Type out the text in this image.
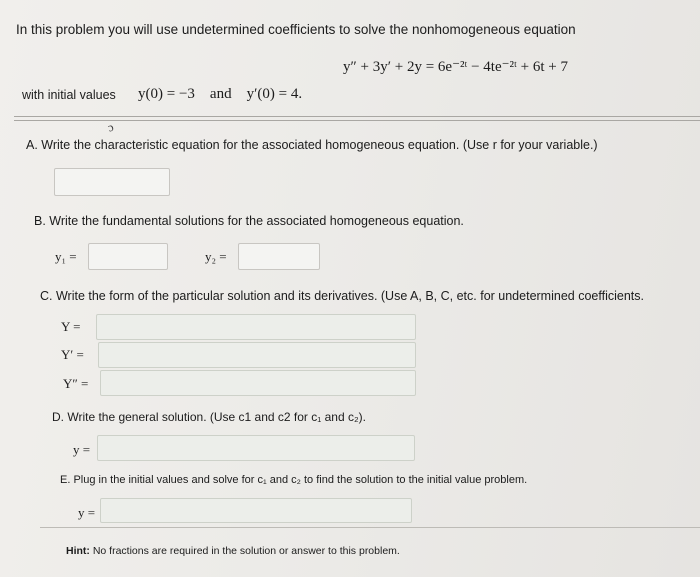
In this problem you will use undetermined coefficients to solve the nonhomogeneous equation
y″ + 3y′ + 2y = 6e⁻²ᵗ − 4te⁻²ᵗ + 6t + 7
with initial values y(0) = −3 and y′(0) = 4.
ɔ
A. Write the characteristic equation for the associated homogeneous equation. (Use r for your variable.)
B. Write the fundamental solutions for the associated homogeneous equation.
y₁ =	y₂ =
C. Write the form of the particular solution and its derivatives. (Use A, B, C, etc. for undetermined coefficients.
Y =
Y′ =
Y″ =
D. Write the general solution. (Use c1 and c2 for c₁ and c₂).
y =
E. Plug in the initial values and solve for c₁ and c₂ to find the solution to the initial value problem.
y =
Hint: No fractions are required in the solution or answer to this problem.
